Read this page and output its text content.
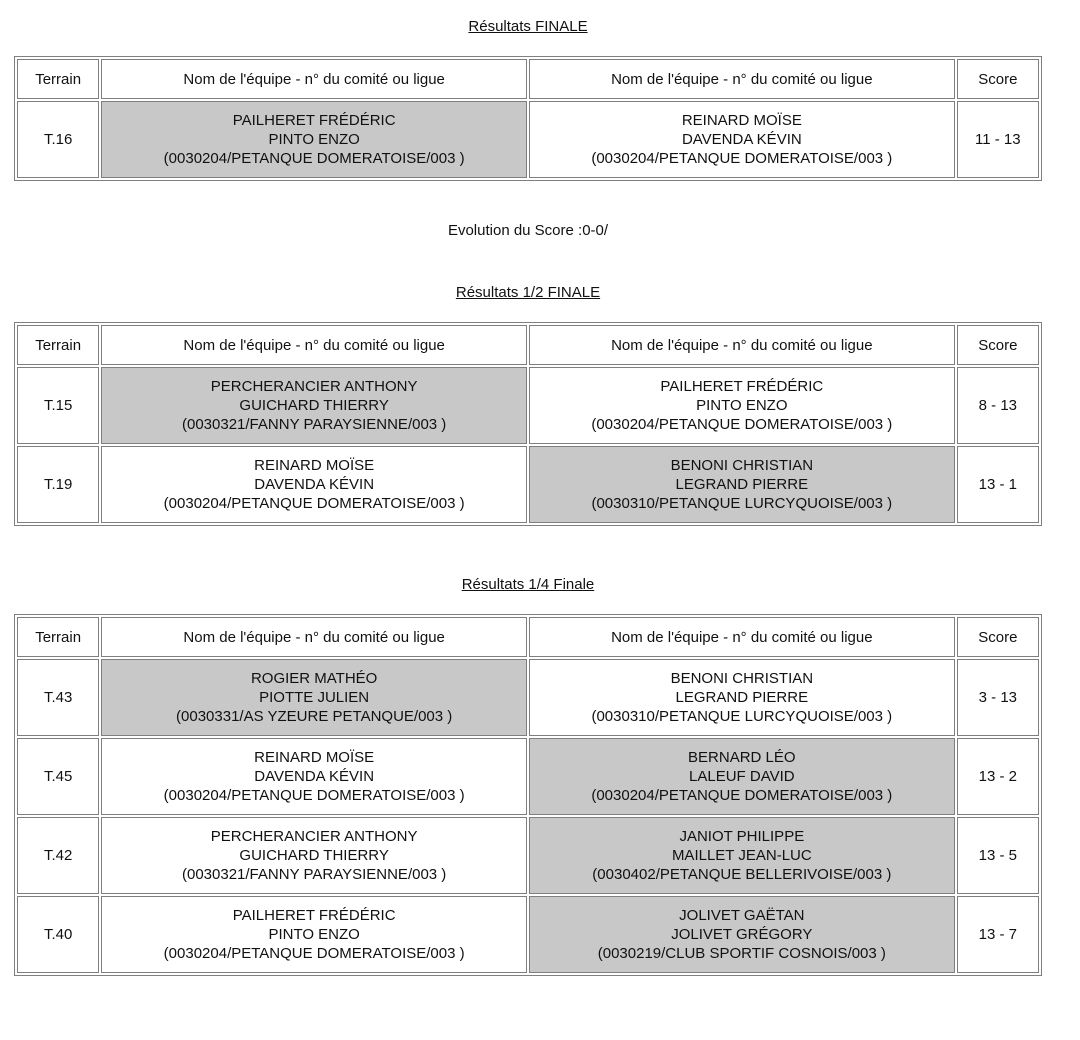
Résultats FINALE
Terrain	Nom de l'équipe - n° du comité ou ligue	Nom de l'équipe - n° du comité ou ligue	Score
T.16	PAILHERET FRÉDÉRIC
PINTO ENZO
(0030204/PETANQUE DOMERATOISE/003 )	REINARD MOÏSE
DAVENDA KÉVIN
(0030204/PETANQUE DOMERATOISE/003 )	11 - 13
Evolution du Score :0-0/
Résultats 1/2 FINALE
Terrain	Nom de l'équipe - n° du comité ou ligue	Nom de l'équipe - n° du comité ou ligue	Score
T.15	PERCHERANCIER ANTHONY
GUICHARD THIERRY
(0030321/FANNY PARAYSIENNE/003 )	PAILHERET FRÉDÉRIC
PINTO ENZO
(0030204/PETANQUE DOMERATOISE/003 )	8 - 13
T.19	REINARD MOÏSE
DAVENDA KÉVIN
(0030204/PETANQUE DOMERATOISE/003 )	BENONI CHRISTIAN
LEGRAND PIERRE
(0030310/PETANQUE LURCYQUOISE/003 )	13 - 1
Résultats 1/4 Finale
Terrain	Nom de l'équipe - n° du comité ou ligue	Nom de l'équipe - n° du comité ou ligue	Score
T.43	ROGIER MATHÉO
PIOTTE JULIEN
(0030331/AS YZEURE PETANQUE/003 )	BENONI CHRISTIAN
LEGRAND PIERRE
(0030310/PETANQUE LURCYQUOISE/003 )	3 - 13
T.45	REINARD MOÏSE
DAVENDA KÉVIN
(0030204/PETANQUE DOMERATOISE/003 )	BERNARD LÉO
LALEUF DAVID
(0030204/PETANQUE DOMERATOISE/003 )	13 - 2
T.42	PERCHERANCIER ANTHONY
GUICHARD THIERRY
(0030321/FANNY PARAYSIENNE/003 )	JANIOT PHILIPPE
MAILLET JEAN-LUC
(0030402/PETANQUE BELLERIVOISE/003 )	13 - 5
T.40	PAILHERET FRÉDÉRIC
PINTO ENZO
(0030204/PETANQUE DOMERATOISE/003 )	JOLIVET GAËTAN
JOLIVET GRÉGORY
(0030219/CLUB SPORTIF COSNOIS/003 )	13 - 7
